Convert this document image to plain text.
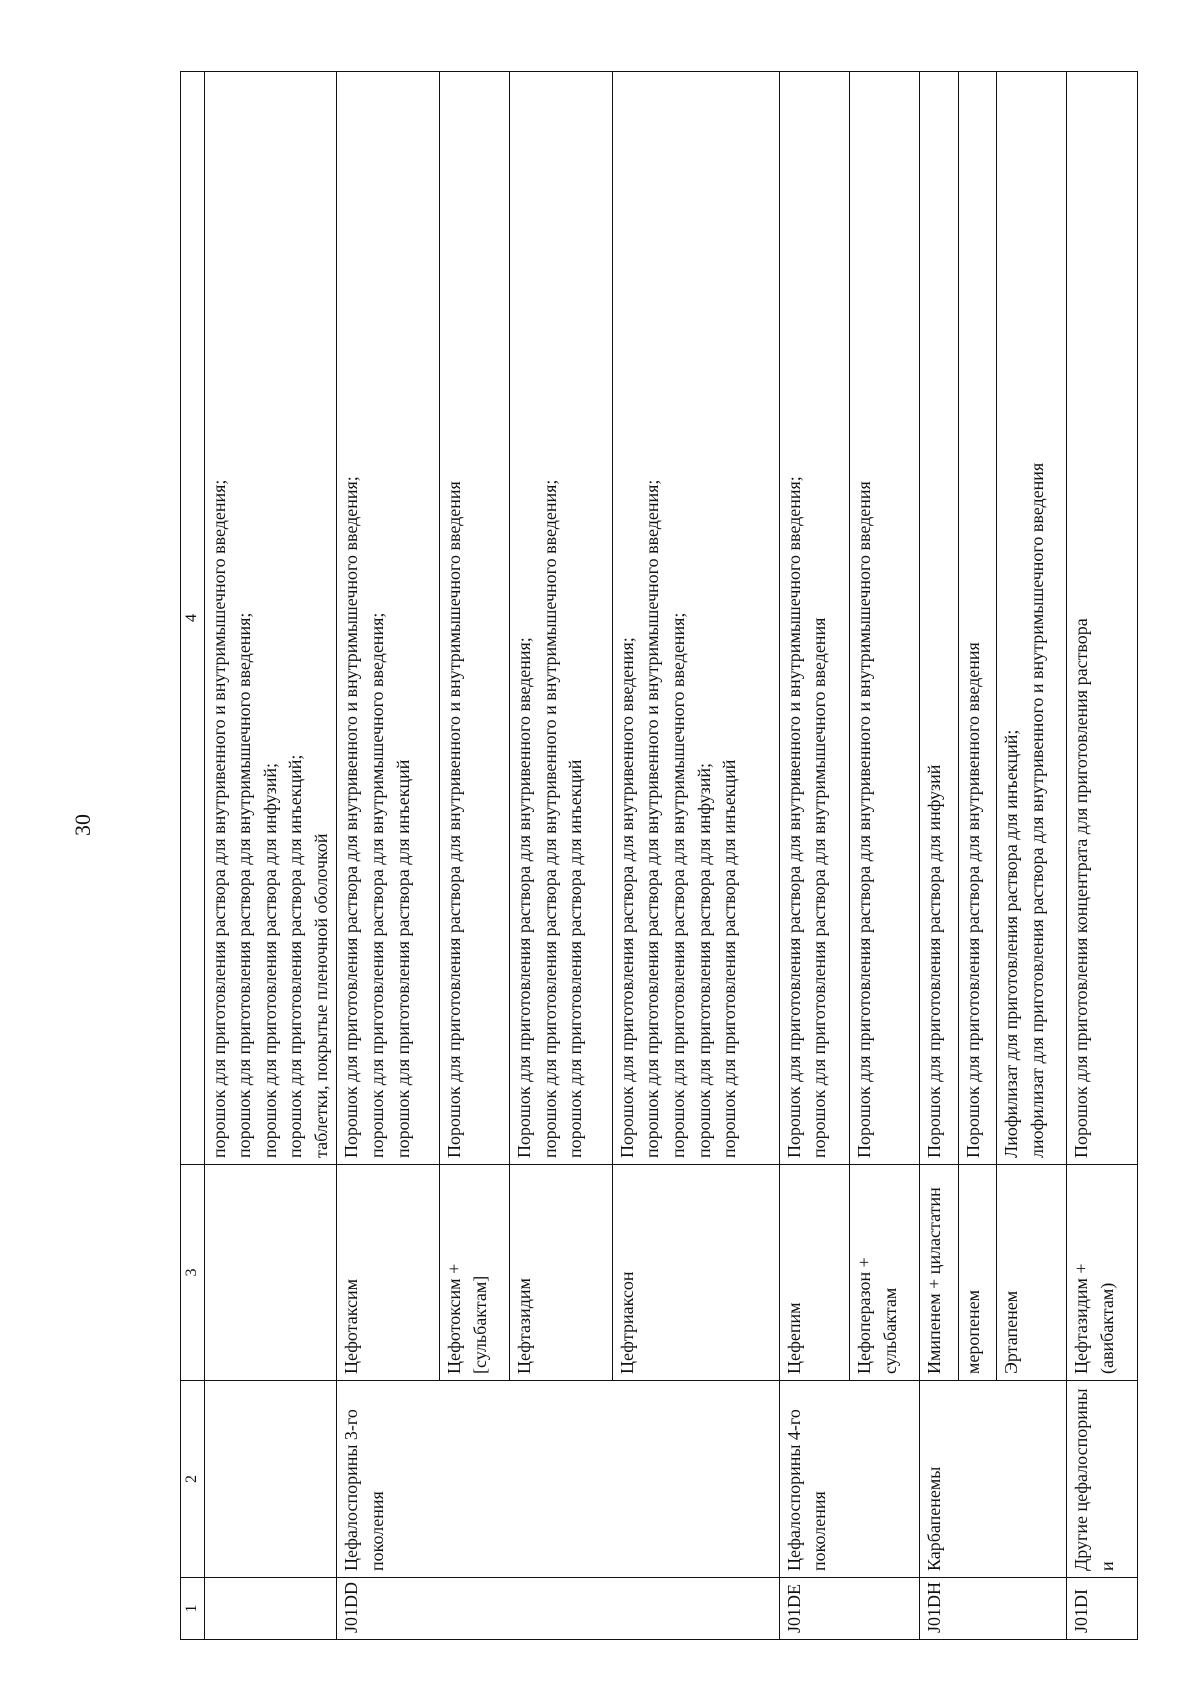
30
1	2	3	4

			порошок для приготовления раствора для внутривенного и внутримышечного введения; порошок для приготовления раствора для внутримышечного введения; порошок для приготовления раствора для инфузий; порошок для приготовления раствора для инъекций; таблетки, покрытые пленочной оболочкой

J01DD	Цефалоспорины 3-го поколения	Цефотаксим	Порошок для приготовления раствора для внутривенного и внутримышечного введения; порошок для приготовления раствора для внутримышечного введения; порошок для приготовления раствора для инъекций

		Цефотоксим + [сульбактам]	Порошок для приготовления раствора для внутривенного и внутримышечного введения

		Цефтазидим	Порошок для приготовления раствора для внутривенного введения; порошок для приготовления раствора для внутривенного и внутримышечного введения; порошок для приготовления раствора для инъекций

		Цефтриаксон	Порошок для приготовления раствора для внутривенного введения; порошок для приготовления раствора для внутривенного и внутримышечного введения; порошок для приготовления раствора для внутримышечного введения; порошок для приготовления раствора для инфузий; порошок для приготовления раствора для инъекций

J01DE	Цефалоспорины 4-го поколения	Цефепим	Порошок для приготовления раствора для внутривенного и внутримышечного введения; порошок для приготовления раствора для внутримышечного введения

		Цефоперазон + сульбактам	Порошок для приготовления раствора для внутривенного и внутримышечного введения

J01DH	Карбапенемы	Имипенем + циластатин	Порошок для приготовления раствора для инфузий

		меропенем	Порошок для приготовления раствора для внутривенного введения

		Эртапенем	Лиофилизат для приготовления раствора для инъекций; лиофилизат для приготовления раствора для внутривенного и внутримышечного введения

J01DI	Другие цефалоспорины и	Цефтазидим + (авибактам)	Порошок для приготовления концентрата для приготовления раствора
